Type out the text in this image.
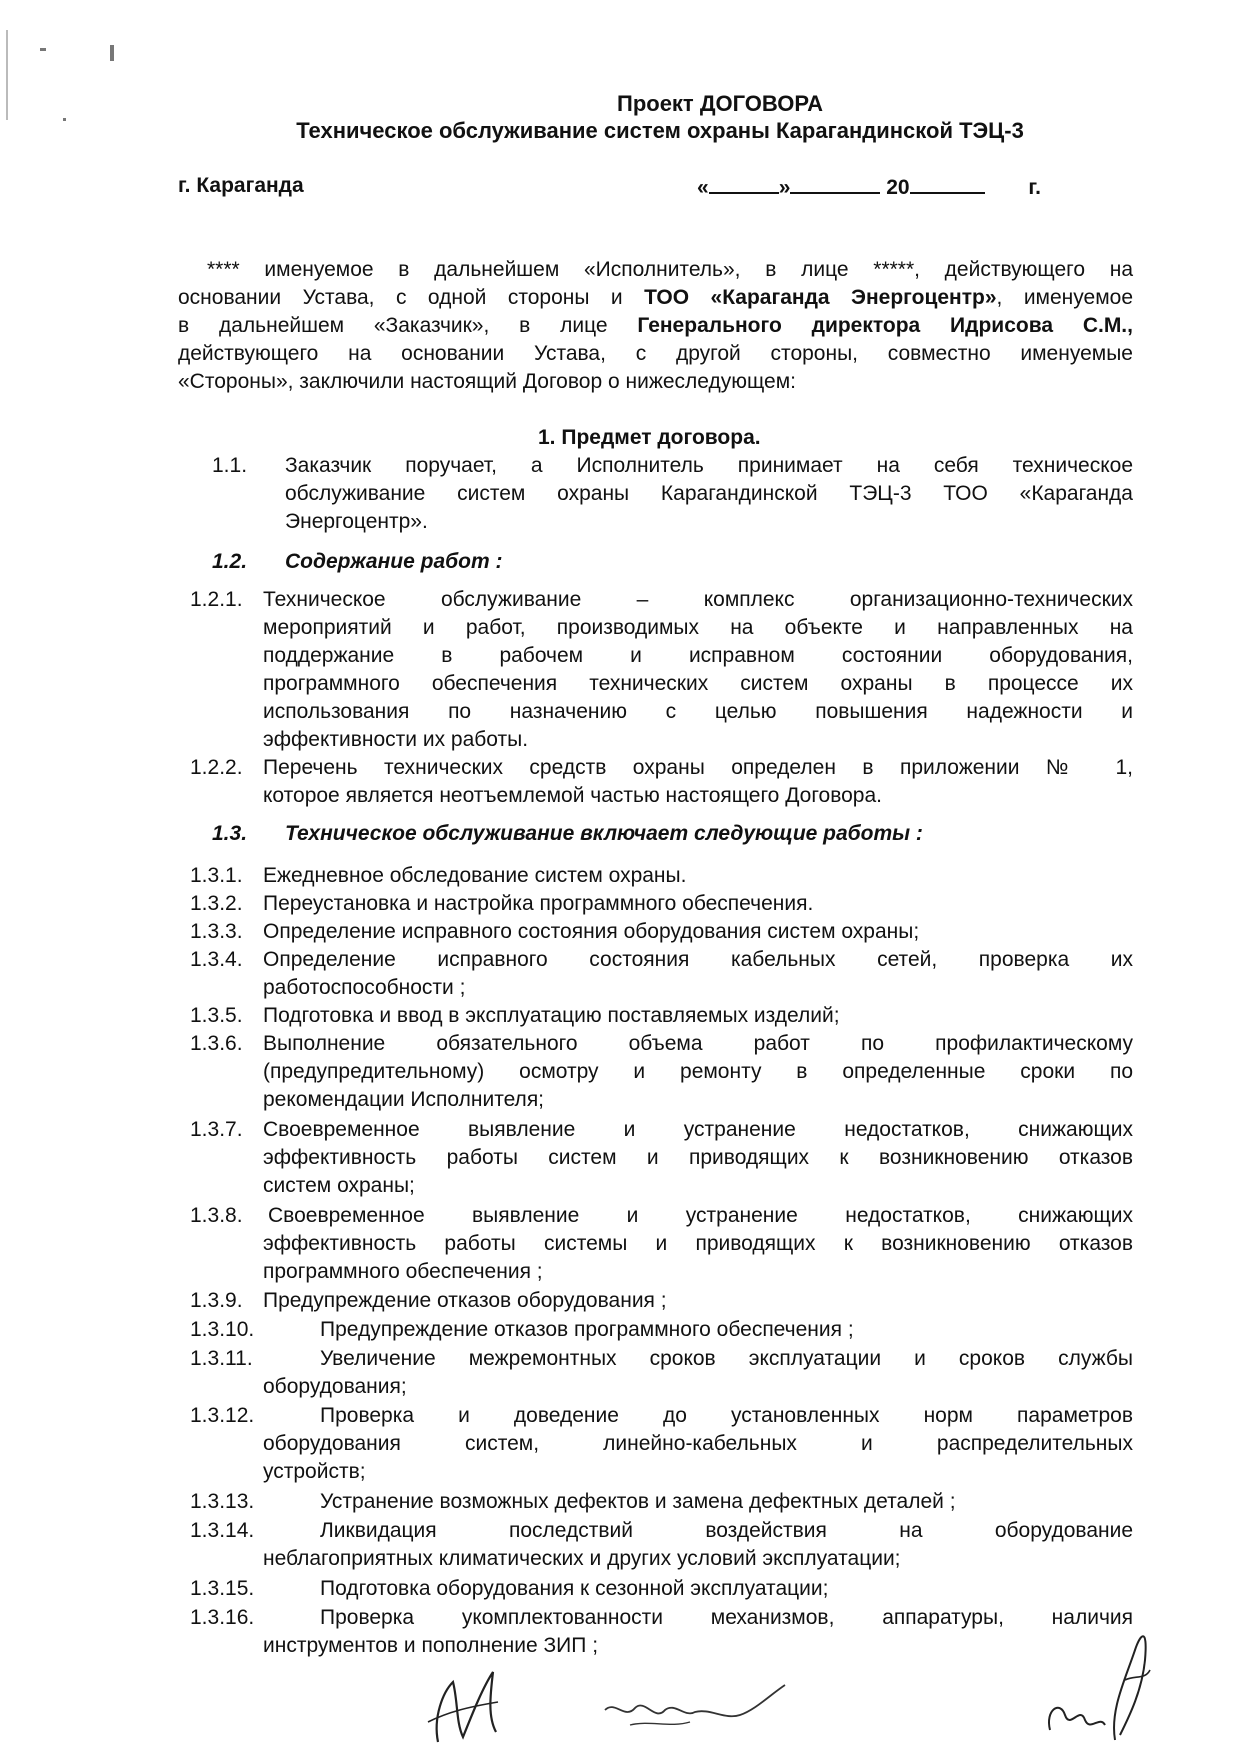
Проект ДОГОВОРА
Техническое обслуживание систем охраны Карагандинской ТЭЦ-3
г. Караганда	«	»	20	г.
**** именуемое в дальнейшем «Исполнитель», в лице *****, действующего на
основании Устава, с одной стороны и ТОО «Караганда Энергоцентр», именуемое
в дальнейшем «Заказчик», в лице Генерального директора Идрисова С.М.,
действующего на основании Устава, с другой стороны, совместно именуемые
«Стороны», заключили настоящий Договор о нижеследующем:
1. Предмет договора.
1.1. Заказчик поручает, а Исполнитель принимает на себя техническое
обслуживание систем охраны Карагандинской ТЭЦ-3 ТОО «Караганда
Энергоцентр».
1.2. Содержание работ :
1.2.1. Техническое обслуживание – комплекс организационно-технических
мероприятий и работ, производимых на объекте и направленных на
поддержание в рабочем и исправном состоянии оборудования,
программного обеспечения технических систем охраны в процессе их
использования по назначению с целью повышения надежности и
эффективности их работы.
1.2.2. Перечень технических средств охраны определен в приложении № 1,
которое является неотъемлемой частью настоящего Договора.
1.3. Техническое обслуживание включает следующие работы :
1.3.1. Ежедневное обследование систем охраны.
1.3.2. Переустановка и настройка программного обеспечения.
1.3.3. Определение исправного состояния оборудования систем охраны;
1.3.4. Определение исправного состояния кабельных сетей, проверка их
работоспособности ;
1.3.5. Подготовка и ввод в эксплуатацию поставляемых изделий;
1.3.6. Выполнение обязательного объема работ по профилактическому
(предупредительному) осмотру и ремонту в определенные сроки по
рекомендации Исполнителя;
1.3.7. Своевременное выявление и устранение недостатков, снижающих
эффективность работы систем и приводящих к возникновению отказов
систем охраны;
1.3.8. Своевременное выявление и устранение недостатков, снижающих
эффективность работы системы и приводящих к возникновению отказов
программного обеспечения ;
1.3.9. Предупреждение отказов оборудования ;
1.3.10.	Предупреждение отказов программного обеспечения ;
1.3.11.	Увеличение межремонтных сроков эксплуатации и сроков службы
оборудования;
1.3.12.	Проверка и доведение до установленных норм параметров
оборудования систем, линейно-кабельных и распределительных
устройств;
1.3.13.	Устранение возможных дефектов и замена дефектных деталей ;
1.3.14.	Ликвидация последствий воздействия на оборудование
неблагоприятных климатических и других условий эксплуатации;
1.3.15.	Подготовка оборудования к сезонной эксплуатации;
1.3.16.	Проверка укомплектованности механизмов, аппаратуры, наличия
инструментов и пополнение ЗИП ;
